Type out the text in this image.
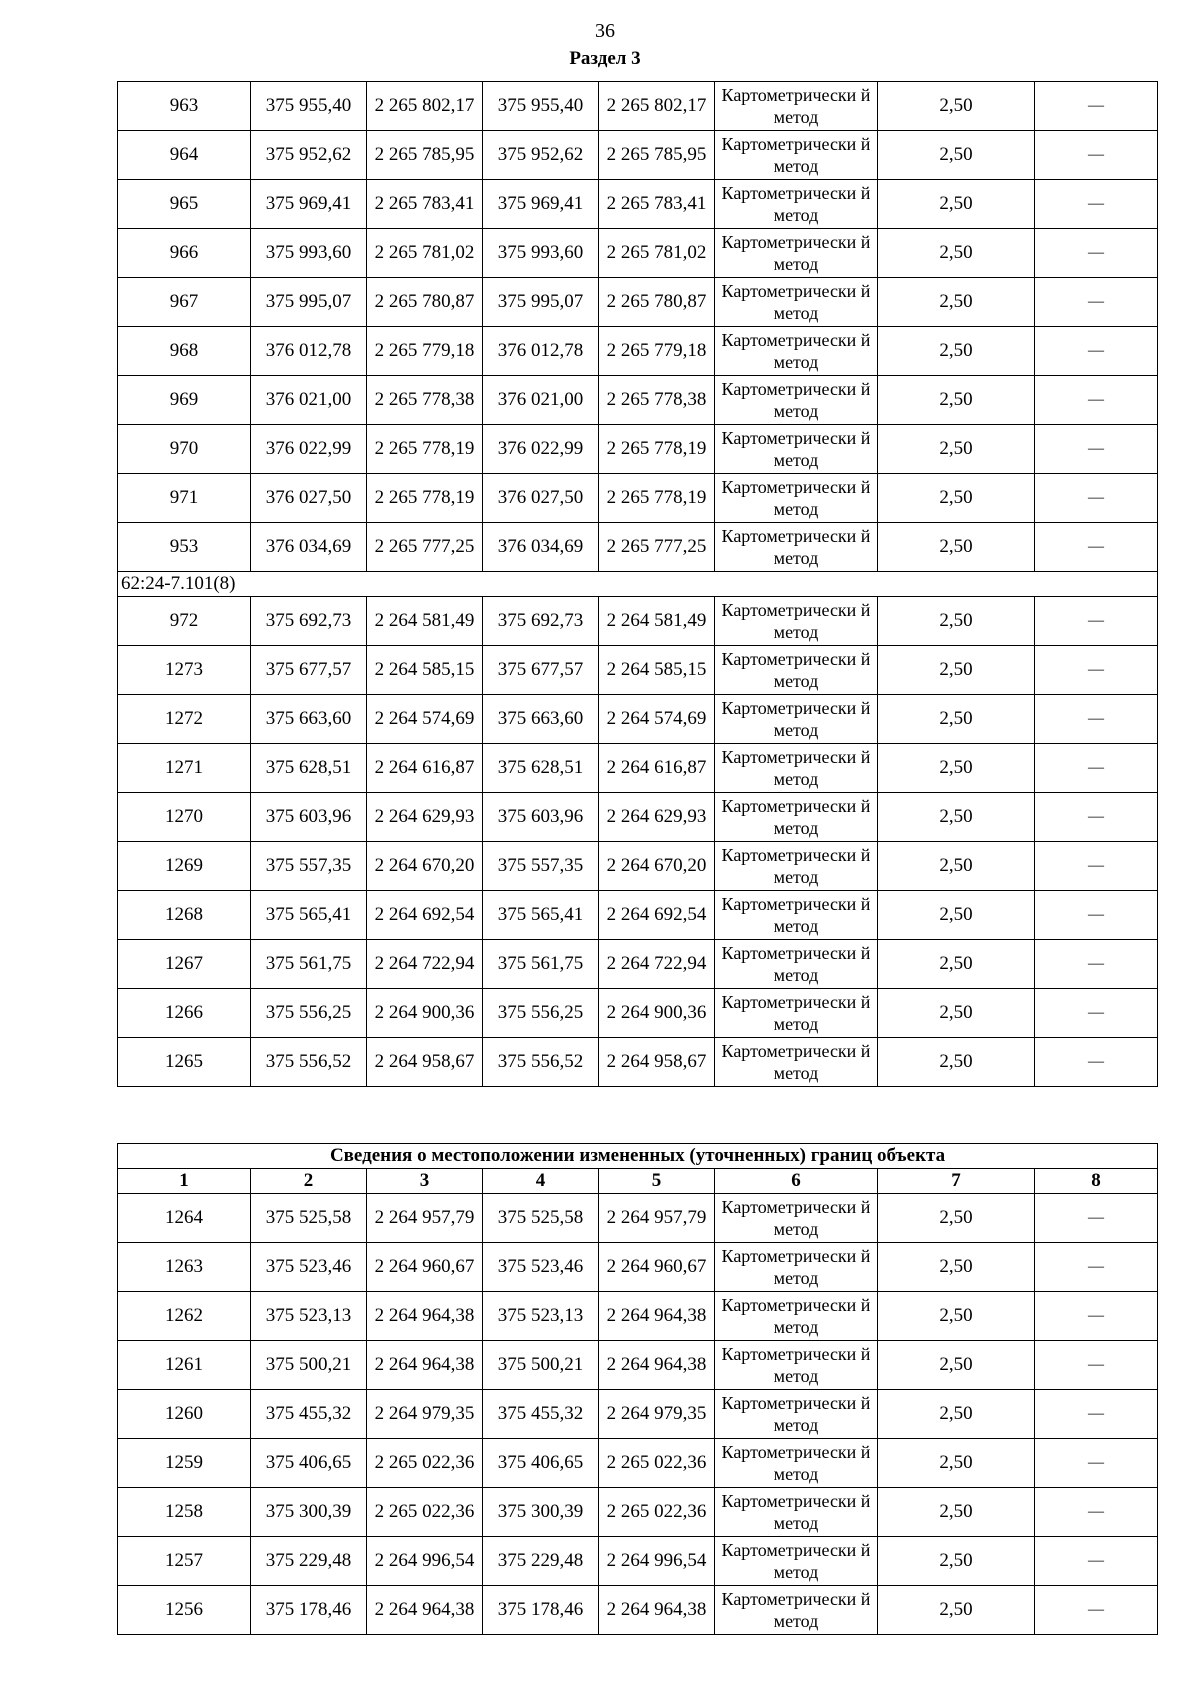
36
Раздел 3
963	375 955,40	2 265 802,17	375 955,40	2 265 802,17	Картометрически й метод	2,50	—
964	375 952,62	2 265 785,95	375 952,62	2 265 785,95	Картометрически й метод	2,50	—
965	375 969,41	2 265 783,41	375 969,41	2 265 783,41	Картометрически й метод	2,50	—
966	375 993,60	2 265 781,02	375 993,60	2 265 781,02	Картометрически й метод	2,50	—
967	375 995,07	2 265 780,87	375 995,07	2 265 780,87	Картометрически й метод	2,50	—
968	376 012,78	2 265 779,18	376 012,78	2 265 779,18	Картометрически й метод	2,50	—
969	376 021,00	2 265 778,38	376 021,00	2 265 778,38	Картометрически й метод	2,50	—
970	376 022,99	2 265 778,19	376 022,99	2 265 778,19	Картометрически й метод	2,50	—
971	376 027,50	2 265 778,19	376 027,50	2 265 778,19	Картометрически й метод	2,50	—
953	376 034,69	2 265 777,25	376 034,69	2 265 777,25	Картометрически й метод	2,50	—
62:24-7.101(8)							
972	375 692,73	2 264 581,49	375 692,73	2 264 581,49	Картометрически й метод	2,50	—
1273	375 677,57	2 264 585,15	375 677,57	2 264 585,15	Картометрически й метод	2,50	—
1272	375 663,60	2 264 574,69	375 663,60	2 264 574,69	Картометрически й метод	2,50	—
1271	375 628,51	2 264 616,87	375 628,51	2 264 616,87	Картометрически й метод	2,50	—
1270	375 603,96	2 264 629,93	375 603,96	2 264 629,93	Картометрически й метод	2,50	—
1269	375 557,35	2 264 670,20	375 557,35	2 264 670,20	Картометрически й метод	2,50	—
1268	375 565,41	2 264 692,54	375 565,41	2 264 692,54	Картометрически й метод	2,50	—
1267	375 561,75	2 264 722,94	375 561,75	2 264 722,94	Картометрически й метод	2,50	—
1266	375 556,25	2 264 900,36	375 556,25	2 264 900,36	Картометрически й метод	2,50	—
1265	375 556,52	2 264 958,67	375 556,52	2 264 958,67	Картометрически й метод	2,50	—
Сведения о местоположении измененных (уточненных) границ объекта							
1	2	3	4	5	6	7	8
1264	375 525,58	2 264 957,79	375 525,58	2 264 957,79	Картометрически й метод	2,50	—
1263	375 523,46	2 264 960,67	375 523,46	2 264 960,67	Картометрически й метод	2,50	—
1262	375 523,13	2 264 964,38	375 523,13	2 264 964,38	Картометрически й метод	2,50	—
1261	375 500,21	2 264 964,38	375 500,21	2 264 964,38	Картометрически й метод	2,50	—
1260	375 455,32	2 264 979,35	375 455,32	2 264 979,35	Картометрически й метод	2,50	—
1259	375 406,65	2 265 022,36	375 406,65	2 265 022,36	Картометрически й метод	2,50	—
1258	375 300,39	2 265 022,36	375 300,39	2 265 022,36	Картометрически й метод	2,50	—
1257	375 229,48	2 264 996,54	375 229,48	2 264 996,54	Картометрически й метод	2,50	—
1256	375 178,46	2 264 964,38	375 178,46	2 264 964,38	Картометрически й метод	2,50	—
